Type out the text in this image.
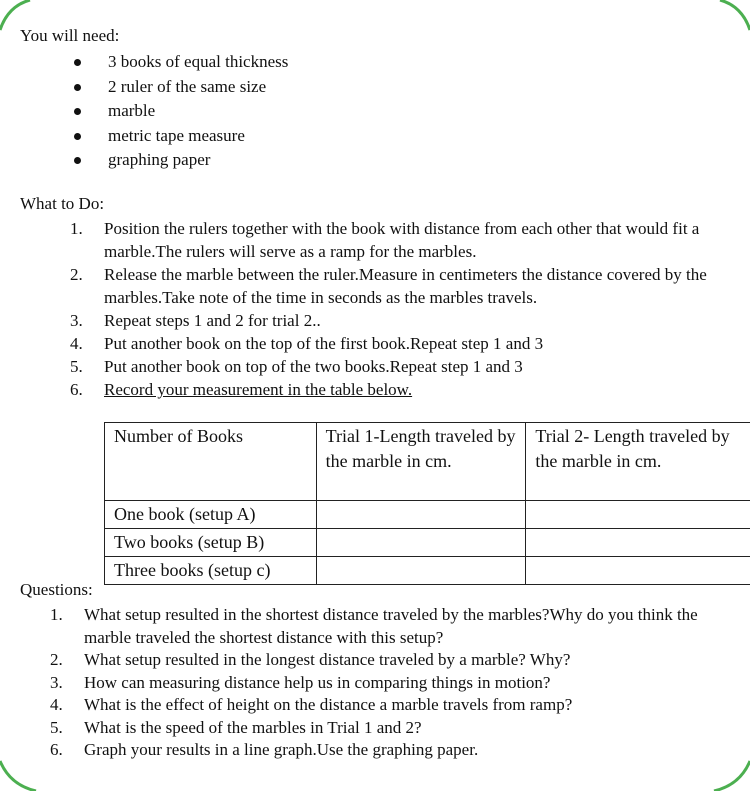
You will need:
3 books of equal thickness
2 ruler of the same size
marble
metric tape measure
graphing paper
What to Do:
1. Position the rulers together with the book with distance from each other that would fit a marble.The rulers will serve as a ramp for the marbles.
2. Release the marble between the ruler.Measure in centimeters the distance covered by the marbles.Take note of the time in seconds as the marbles travels.
3. Repeat steps 1 and 2 for trial 2..
4. Put another book on the top of the first book.Repeat step 1 and 3
5. Put another book on top of the two books.Repeat step 1 and 3
6. Record your measurement in the table below.
Number of Books	Trial 1-Length traveled by the marble in cm.	Trial 2- Length traveled by the marble in cm.
One book (setup A)		
Two books (setup B)		
Three books (setup c)		
Questions:
1. What setup resulted in the shortest distance traveled by the marbles?Why do you think the marble traveled the shortest distance with this setup?
2. What setup resulted in the longest distance traveled by a marble? Why?
3. How can measuring distance help us in comparing things in motion?
4. What is the effect of height on the distance a marble travels from ramp?
5. What is the speed of the marbles in Trial 1 and 2?
6. Graph your results in a line graph.Use the graphing paper.
